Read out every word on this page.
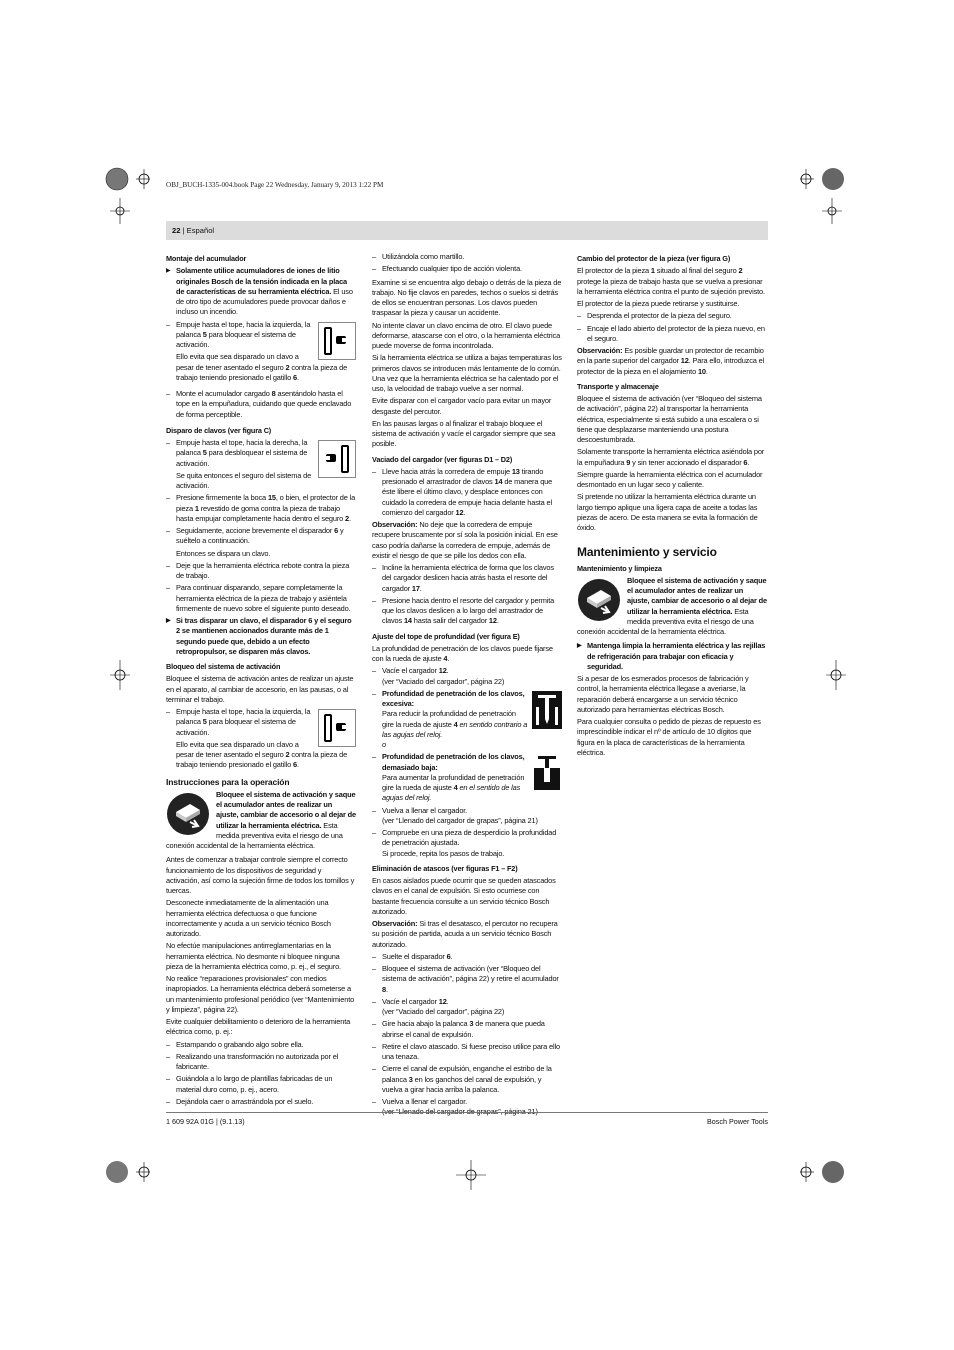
OBJ_BUCH-1335-004.book Page 22 Wednesday, January 9, 2013 1:22 PM
22 | Español
Montaje del acumulador

▶ Solamente utilice acumuladores de iones de litio originales Bosch de la tensión indicada en la placa de características de su herramienta eléctrica. El uso de otro tipo de acumuladores puede provocar daños e incluso un incendio.

– Empuje hasta el tope, hacia la izquierda, la palanca 5 para bloquear el sistema de activación.

Ello evita que sea disparado un clavo a pesar de tener asentado el seguro 2 contra la pieza de trabajo teniendo presionado el gatillo 6.

– Monte el acumulador cargado 8 asentándolo hasta el tope en la empuñadura, cuidando que quede enclavado de forma perceptible.

Disparo de clavos (ver figura C)

– Empuje hasta el tope, hacia la derecha, la palanca 5 para desbloquear el sistema de activación.

Se quita entonces el seguro del sistema de activación.

– Presione firmemente la boca 15, o bien, el protector de la pieza 1 revestido de goma contra la pieza de trabajo hasta empujar completamente hacia dentro el seguro 2.

– Seguidamente, accione brevemente el disparador 6 y suéltelo a continuación.

Entonces se dispara un clavo.

– Deje que la herramienta eléctrica rebote contra la pieza de trabajo.

– Para continuar disparando, separe completamente la herramienta eléctrica de la pieza de trabajo y asiéntela firmemente de nuevo sobre el siguiente punto deseado.

▶ Si tras disparar un clavo, el disparador 6 y el seguro 2 se mantienen accionados durante más de 1 segundo puede que, debido a un efecto retropropulsor, se disparen más clavos.

Bloqueo del sistema de activación

Bloquee el sistema de activación antes de realizar un ajuste en el aparato, al cambiar de accesorio, en las pausas, o al terminar el trabajo.

– Empuje hasta el tope, hacia la izquierda, la palanca 5 para bloquear el sistema de activación.

Ello evita que sea disparado un clavo a pesar de tener asentado el seguro 2 contra la pieza de trabajo teniendo presionado el gatillo 6.

Instrucciones para la operación

Bloquee el sistema de activación y saque el acumulador antes de realizar un ajuste, cambiar de accesorio o al dejar de utilizar la herramienta eléctrica. Esta medida preventiva evita el riesgo de una conexión accidental de la herramienta eléctrica.

Antes de comenzar a trabajar controle siempre el correcto funcionamiento de los dispositivos de seguridad y activación, así como la sujeción firme de todos los tornillos y tuercas.

Desconecte inmediatamente de la alimentación una herramienta eléctrica defectuosa o que funcione incorrectamente y acuda a un servicio técnico Bosch autorizado.

No efectúe manipulaciones antirreglamentarias en la herramienta eléctrica. No desmonte ni bloquee ninguna pieza de la herramienta eléctrica como, p. ej., el seguro.

No realice “reparaciones provisionales” con medios inapropiados. La herramienta eléctrica deberá someterse a un mantenimiento profesional periódico (ver “Mantenimiento y limpieza”, página 22).

Evite cualquier debilitamiento o deterioro de la herramienta eléctrica como, p. ej.:

– Estampando o grabando algo sobre ella.

– Realizando una transformación no autorizada por el fabricante.

– Guiándola a lo largo de plantillas fabricadas de un material duro como, p. ej., acero.

– Dejándola caer o arrastrándola por el suelo.

– Utilizándola como martillo.

– Efectuando cualquier tipo de acción violenta.

Examine si se encuentra algo debajo o detrás de la pieza de trabajo. No fije clavos en paredes, techos o suelos si detrás de ellos se encuentran personas. Los clavos pueden traspasar la pieza y causar un accidente.

No intente clavar un clavo encima de otro. El clavo puede deformarse, atascarse con el otro, o la herramienta eléctrica puede moverse de forma incontrolada.

Si la herramienta eléctrica se utiliza a bajas temperaturas los primeros clavos se introducen más lentamente de lo común. Una vez que la herramienta eléctrica se ha calentado por el uso, la velocidad de trabajo vuelve a ser normal.

Evite disparar con el cargador vacío para evitar un mayor desgaste del percutor.

En las pausas largas o al finalizar el trabajo bloquee el sistema de activación y vacíe el cargador siempre que sea posible.

Vaciado del cargador (ver figuras D1 – D2)

– Lleve hacia atrás la corredera de empuje 13 tirando presionado el arrastrador de clavos 14 de manera que éste libere el último clavo, y desplace entonces con cuidado la corredera de empuje hacia delante hasta el comienzo del cargador 12.

Observación: No deje que la corredera de empuje recupere bruscamente por sí sola la posición inicial. En ese caso podría dañarse la corredera de empuje, además de existir el riesgo de que se pille los dedos con ella.

– Incline la herramienta eléctrica de forma que los clavos del cargador deslicen hacia atrás hasta el resorte del cargador 17.

– Presione hacia dentro el resorte del cargador y permita que los clavos deslicen a lo largo del arrastrador de clavos 14 hasta salir del cargador 12.

Ajuste del tope de profundidad (ver figura E)

La profundidad de penetración de los clavos puede fijarse con la rueda de ajuste 4.

– Vacíe el cargador 12.
(ver “Vaciado del cargador”, página 22)

– Profundidad de penetración de los clavos, excesiva:
Para reducir la profundidad de penetración gire la rueda de ajuste 4 en sentido contrario a las agujas del reloj.
o

– Profundidad de penetración de los clavos, demasiado baja:
Para aumentar la profundidad de penetración gire la rueda de ajuste 4 en el sentido de las agujas del reloj.

– Vuelva a llenar el cargador.
(ver “Llenado del cargador de grapas”, página 21)

– Compruebe en una pieza de desperdicio la profundidad de penetración ajustada.
Si procede, repita los pasos de trabajo.

Eliminación de atascos (ver figuras F1 – F2)

En casos aislados puede ocurrir que se queden atascados clavos en el canal de expulsión. Si esto ocurriese con bastante frecuencia consulte a un servicio técnico Bosch autorizado.

Observación: Si tras el desatasco, el percutor no recupera su posición de partida, acuda a un servicio técnico Bosch autorizado.

– Suelte el disparador 6.

– Bloquee el sistema de activación (ver “Bloqueo del sistema de activación”, página 22) y retire el acumulador 8.

– Vacíe el cargador 12.
(ver “Vaciado del cargador”, página 22)

– Gire hacia abajo la palanca 3 de manera que pueda abrirse el canal de expulsión.

– Retire el clavo atascado. Si fuese preciso utilice para ello una tenaza.

– Cierre el canal de expulsión, enganche el estribo de la palanca 3 en los ganchos del canal de expulsión, y vuelva a girar hacia arriba la palanca.

– Vuelva a llenar el cargador.
(ver “Llenado del cargador de grapas”, página 21)

Cambio del protector de la pieza (ver figura G)

El protector de la pieza 1 situado al final del seguro 2 protege la pieza de trabajo hasta que se vuelva a presionar la herramienta eléctrica contra el punto de sujeción previsto.

El protector de la pieza puede retirarse y sustituirse.

– Desprenda el protector de la pieza del seguro.

– Encaje el lado abierto del protector de la pieza nuevo, en el seguro.

Observación: Es posible guardar un protector de recambio en la parte superior del cargador 12. Para ello, introduzca el protector de la pieza en el alojamiento 10.

Transporte y almacenaje

Bloquee el sistema de activación (ver “Bloqueo del sistema de activación”, página 22) al transportar la herramienta eléctrica, especialmente si está subido a una escalera o si tiene que desplazarse manteniendo una postura descoestumbrada.

Solamente transporte la herramienta eléctrica asiéndola por la empuñadura 9 y sin tener accionado el disparador 6.

Siempre guarde la herramienta eléctrica con el acumulador desmontado en un lugar seco y caliente.

Si pretende no utilizar la herramienta eléctrica durante un largo tiempo aplique una ligera capa de aceite a todas las piezas de acero. De esta manera se evita la formación de óxido.

Mantenimiento y servicio
Mantenimiento y limpieza

Bloquee el sistema de activación y saque el acumulador antes de realizar un ajuste, cambiar de accesorio o al dejar de utilizar la herramienta eléctrica. Esta medida preventiva evita el riesgo de una conexión accidental de la herramienta eléctrica.

▶ Mantenga limpia la herramienta eléctrica y las rejillas de refrigeración para trabajar con eficacia y seguridad.

Si a pesar de los esmerados procesos de fabricación y control, la herramienta eléctrica llegase a averiarse, la reparación deberá encargarse a un servicio técnico autorizado para herramientas eléctricas Bosch.

Para cualquier consulta o pedido de piezas de repuesto es imprescindible indicar el nº de artículo de 10 dígitos que figura en la placa de características de la herramienta eléctrica.

1 609 92A 01G | (9.1.13)	Bosch Power Tools
